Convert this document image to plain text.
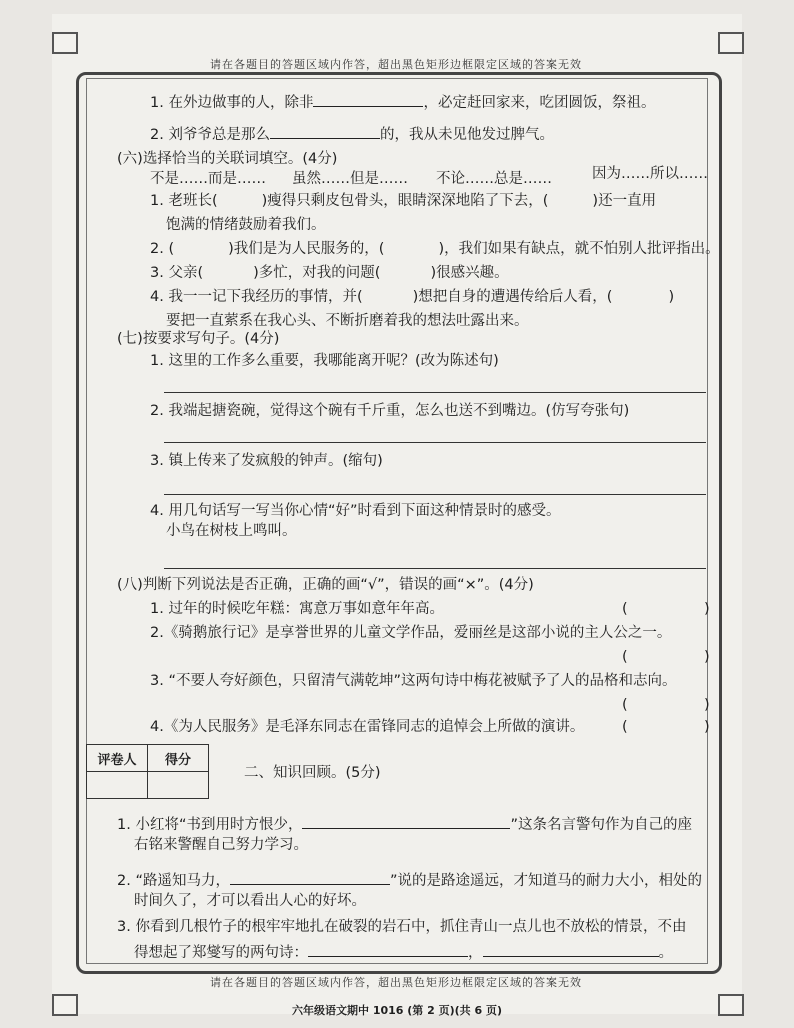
请在各题目的答题区域内作答，超出黑色矩形边框限定区域的答案无效
1. 在外边做事的人，除非	，必定赶回家来，吃团圆饭，祭祖。
2. 刘爷爷总是那么	的，我从未见他发过脾气。
(六)选择恰当的关联词填空。(4分)
不是……而是…… 虽然……但是…… 不论……总是……	因为……所以……
1. 老班长(	)瘦得只剩皮包骨头，眼睛深深地陷了下去，(	)还一直用
饱满的情绪鼓励着我们。
2. (	)我们是为人民服务的，(	)，我们如果有缺点，就不怕别人批评指出。
3. 父亲(	)多忙，对我的问题(	)很感兴趣。
4. 我一一记下我经历的事情，并(	)想把自身的遭遇传给后人看，(	)
要把一直萦系在我心头、不断折磨着我的想法吐露出来。
(七)按要求写句子。(4分)
1. 这里的工作多么重要，我哪能离开呢？(改为陈述句)
2. 我端起搪瓷碗，觉得这个碗有千斤重，怎么也送不到嘴边。(仿写夸张句)
3. 镇上传来了发疯般的钟声。(缩句)
4. 用几句话写一写当你心情“好”时看到下面这种情景时的感受。
小鸟在树枝上鸣叫。
(八)判断下列说法是否正确，正确的画“√”，错误的画“×”。(4分)
1. 过年的时候吃年糕：寓意万事如意年年高。	(	)
2.《骑鹅旅行记》是享誉世界的儿童文学作品，爱丽丝是这部小说的主人公之一。
(	)
3. “不要人夸好颜色，只留清气满乾坤”这两句诗中梅花被赋予了人的品格和志向。
(	)
4.《为人民服务》是毛泽东同志在雷锋同志的追悼会上所做的演讲。	(	)
评卷人	得分

二、知识回顾。(5分)
1. 小红将“书到用时方恨少，	”这条名言警句作为自己的座
右铭来警醒自己努力学习。
2. “路遥知马力，	”说的是路途遥远，才知道马的耐力大小，相处的
时间久了，才可以看出人心的好坏。
3. 你看到几根竹子的根牢牢地扎在破裂的岩石中，抓住青山一点儿也不放松的情景，不由
得想起了郑燮写的两句诗：	，	。
请在各题目的答题区域内作答，超出黑色矩形边框限定区域的答案无效
六年级语文期中 1016 (第 2 页)(共 6 页)
